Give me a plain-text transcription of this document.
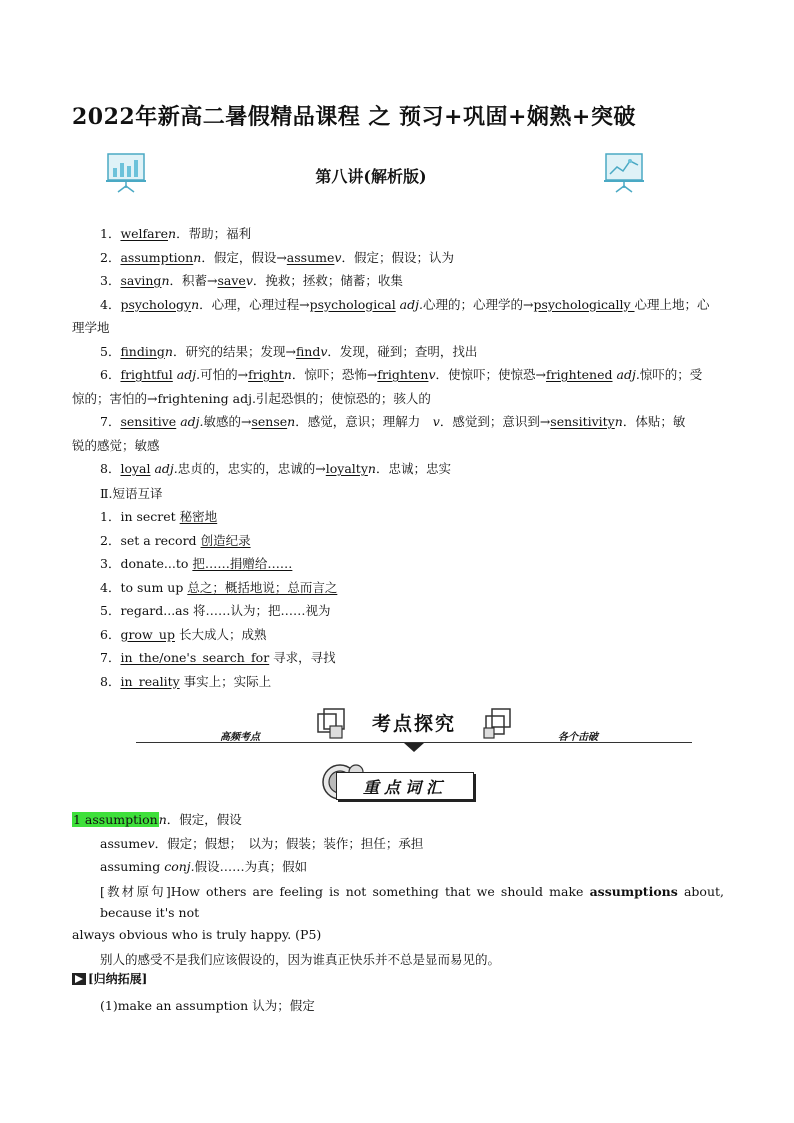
2022年新高二暑假精品课程 之 预习+巩固+娴熟+突破
第八讲(解析版)
1．welfaren．帮助；福利
2．assumptionn．假定，假设→assumev．假定；假设；认为
3．savingn．积蓄→savev．挽救；拯救；储蓄；收集
4．psychologyn．心理，心理过程→psychological adj.心理的；心理学的→psychologically 心理上地；心
理学地
5．findingn．研究的结果；发现→findv．发现，碰到；查明，找出
6．frightful adj.可怕的→frightn．惊吓；恐怖→frightenv．使惊吓；使惊恐→frightened adj.惊吓的；受
惊的；害怕的→frightening adj.引起恐惧的；使惊恐的；骇人的
7．sensitive adj.敏感的→sensen．感觉，意识；理解力　v．感觉到；意识到→sensitivityn．体贴；敏
锐的感觉；敏感
8．loyal adj.忠贞的，忠实的，忠诚的→loyaltyn．忠诚；忠实
Ⅱ.短语互译
1．in secret 秘密地
2．set a record 创造纪录
3．donate...to 把……捐赠给……
4．to sum up 总之；概括地说；总而言之
5．regard...as 将……认为；把……视为
6．grow_up 长大成人；成熟
7．in_the/one's_search_for 寻求，寻找
8．in_reality 事实上；实际上
高频考点
考点探究
各个击破
重点词汇
1 assumptionn．假定，假设
assumev．假定；假想；　以为；假装；装作；担任；承担
assuming conj.假设……为真；假如
[教材原句]How others are feeling is not something that we should make assumptions about, because it's not
always obvious who is truly happy. (P5)
别人的感受不是我们应该假设的，因为谁真正快乐并不总是显而易见的。
[归纳拓展]
(1)make an assumption 认为；假定
